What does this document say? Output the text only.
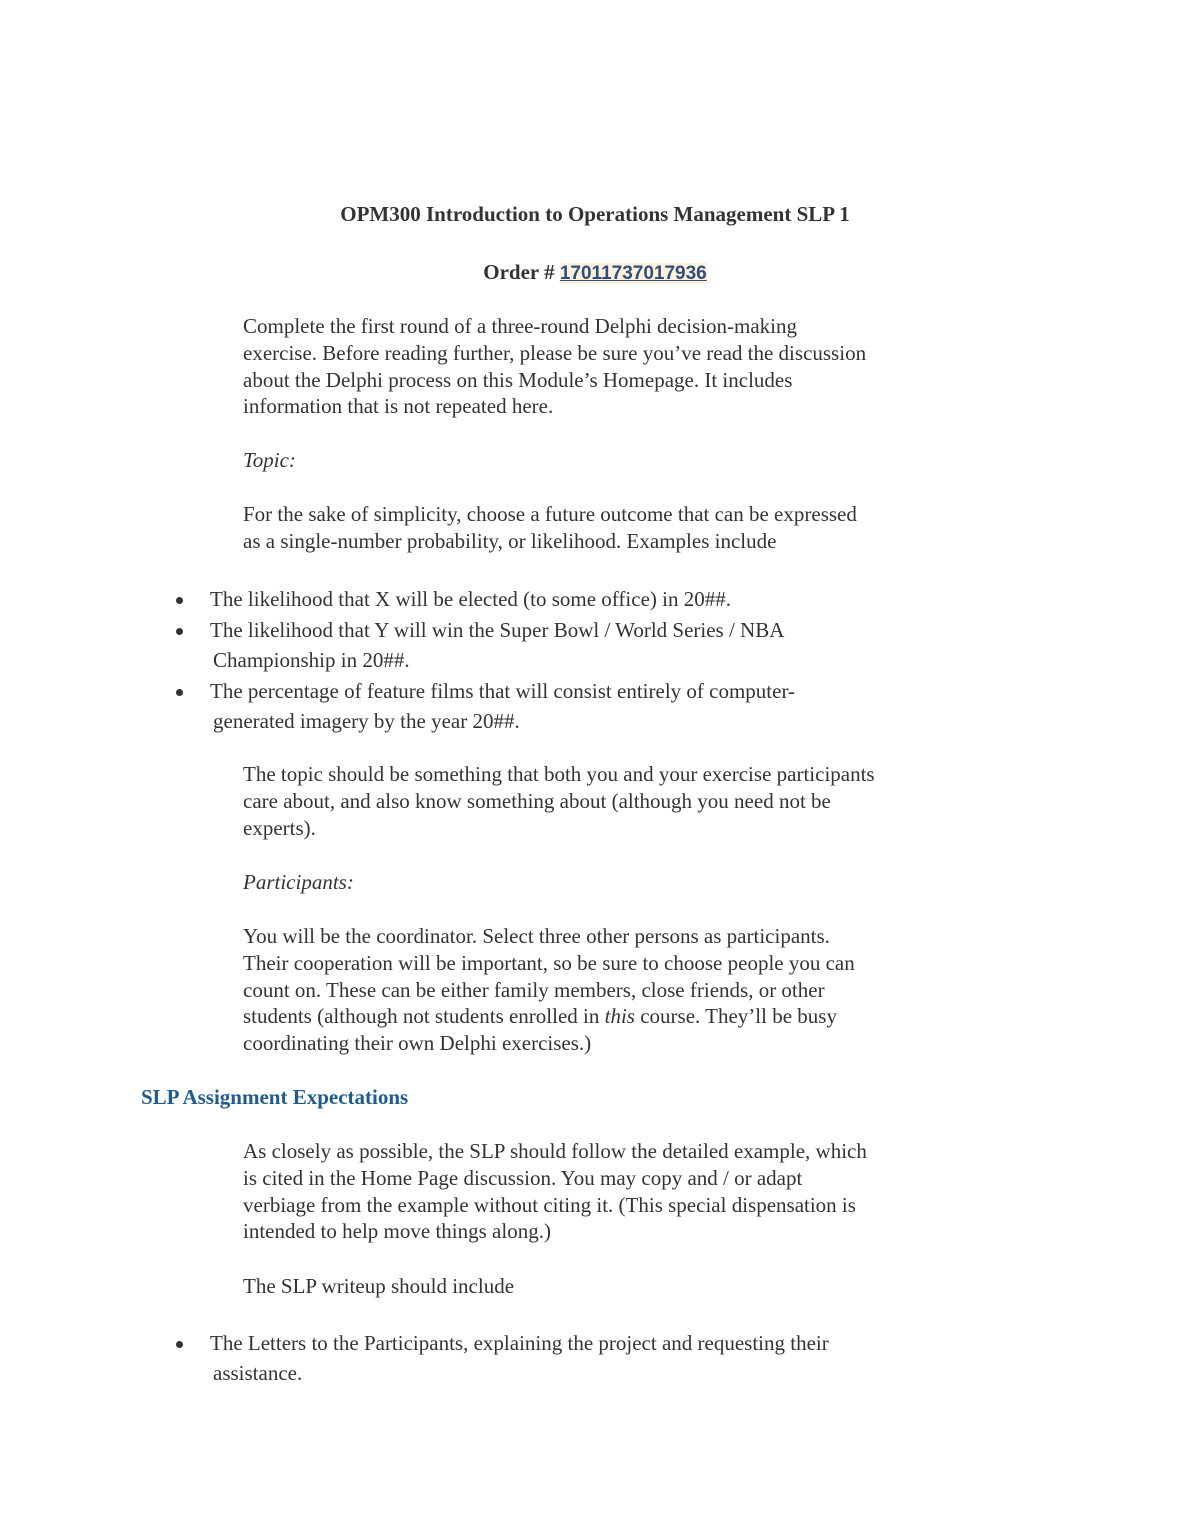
OPM300 Introduction to Operations Management SLP 1
Order # 17011737017936

Complete the first round of a three-round Delphi decision-making
exercise. Before reading further, please be sure you’ve read the discussion
about the Delphi process on this Module’s Homepage. It includes
information that is not repeated here.

Topic:

For the sake of simplicity, choose a future outcome that can be expressed
as a single-number probability, or likelihood. Examples include

The likelihood that X will be elected (to some office) in 20##.
The likelihood that Y will win the Super Bowl / World Series / NBA
Championship in 20##.
The percentage of feature films that will consist entirely of computer-
generated imagery by the year 20##.

The topic should be something that both you and your exercise participants
care about, and also know something about (although you need not be
experts).

Participants:

You will be the coordinator. Select three other persons as participants.
Their cooperation will be important, so be sure to choose people you can
count on. These can be either family members, close friends, or other
students (although not students enrolled in this course. They’ll be busy
coordinating their own Delphi exercises.)

SLP Assignment Expectations

As closely as possible, the SLP should follow the detailed example, which
is cited in the Home Page discussion. You may copy and / or adapt
verbiage from the example without citing it. (This special dispensation is
intended to help move things along.)

The SLP writeup should include

The Letters to the Participants, explaining the project and requesting their
assistance.
